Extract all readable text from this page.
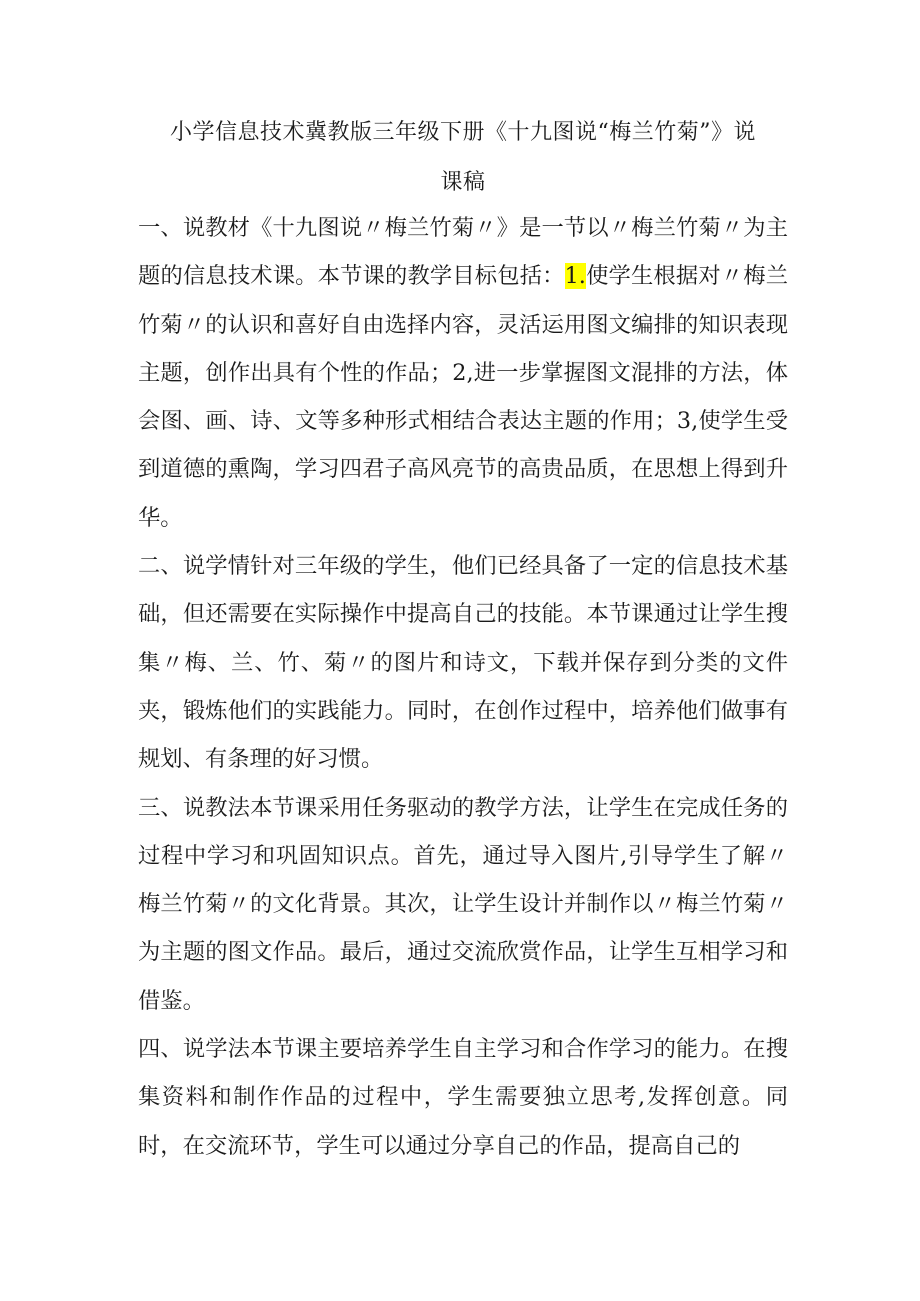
小学信息技术冀教版三年级下册《十九图说“梅兰竹菊”》说
课稿

一、说教材《十九图说〃梅兰竹菊〃》是一节以〃梅兰竹菊〃为主题的信息技术课。本节课的教学目标包括：1.使学生根据对〃梅兰竹菊〃的认识和喜好自由选择内容，灵活运用图文编排的知识表现主题，创作出具有个性的作品；2,进一步掌握图文混排的方法，体会图、画、诗、文等多种形式相结合表达主题的作用；3,使学生受到道德的熏陶，学习四君子高风亮节的高贵品质，在思想上得到升华。

二、说学情针对三年级的学生，他们已经具备了一定的信息技术基础，但还需要在实际操作中提高自己的技能。本节课通过让学生搜集〃梅、兰、竹、菊〃的图片和诗文，下载并保存到分类的文件夹，锻炼他们的实践能力。同时，在创作过程中，培养他们做事有规划、有条理的好习惯。

三、说教法本节课采用任务驱动的教学方法，让学生在完成任务的过程中学习和巩固知识点。首先，通过导入图片,引导学生了解〃梅兰竹菊〃的文化背景。其次，让学生设计并制作以〃梅兰竹菊〃为主题的图文作品。最后，通过交流欣赏作品，让学生互相学习和借鉴。

四、说学法本节课主要培养学生自主学习和合作学习的能力。在搜集资料和制作作品的过程中，学生需要独立思考,发挥创意。同时，在交流环节，学生可以通过分享自己的作品，提高自己的
